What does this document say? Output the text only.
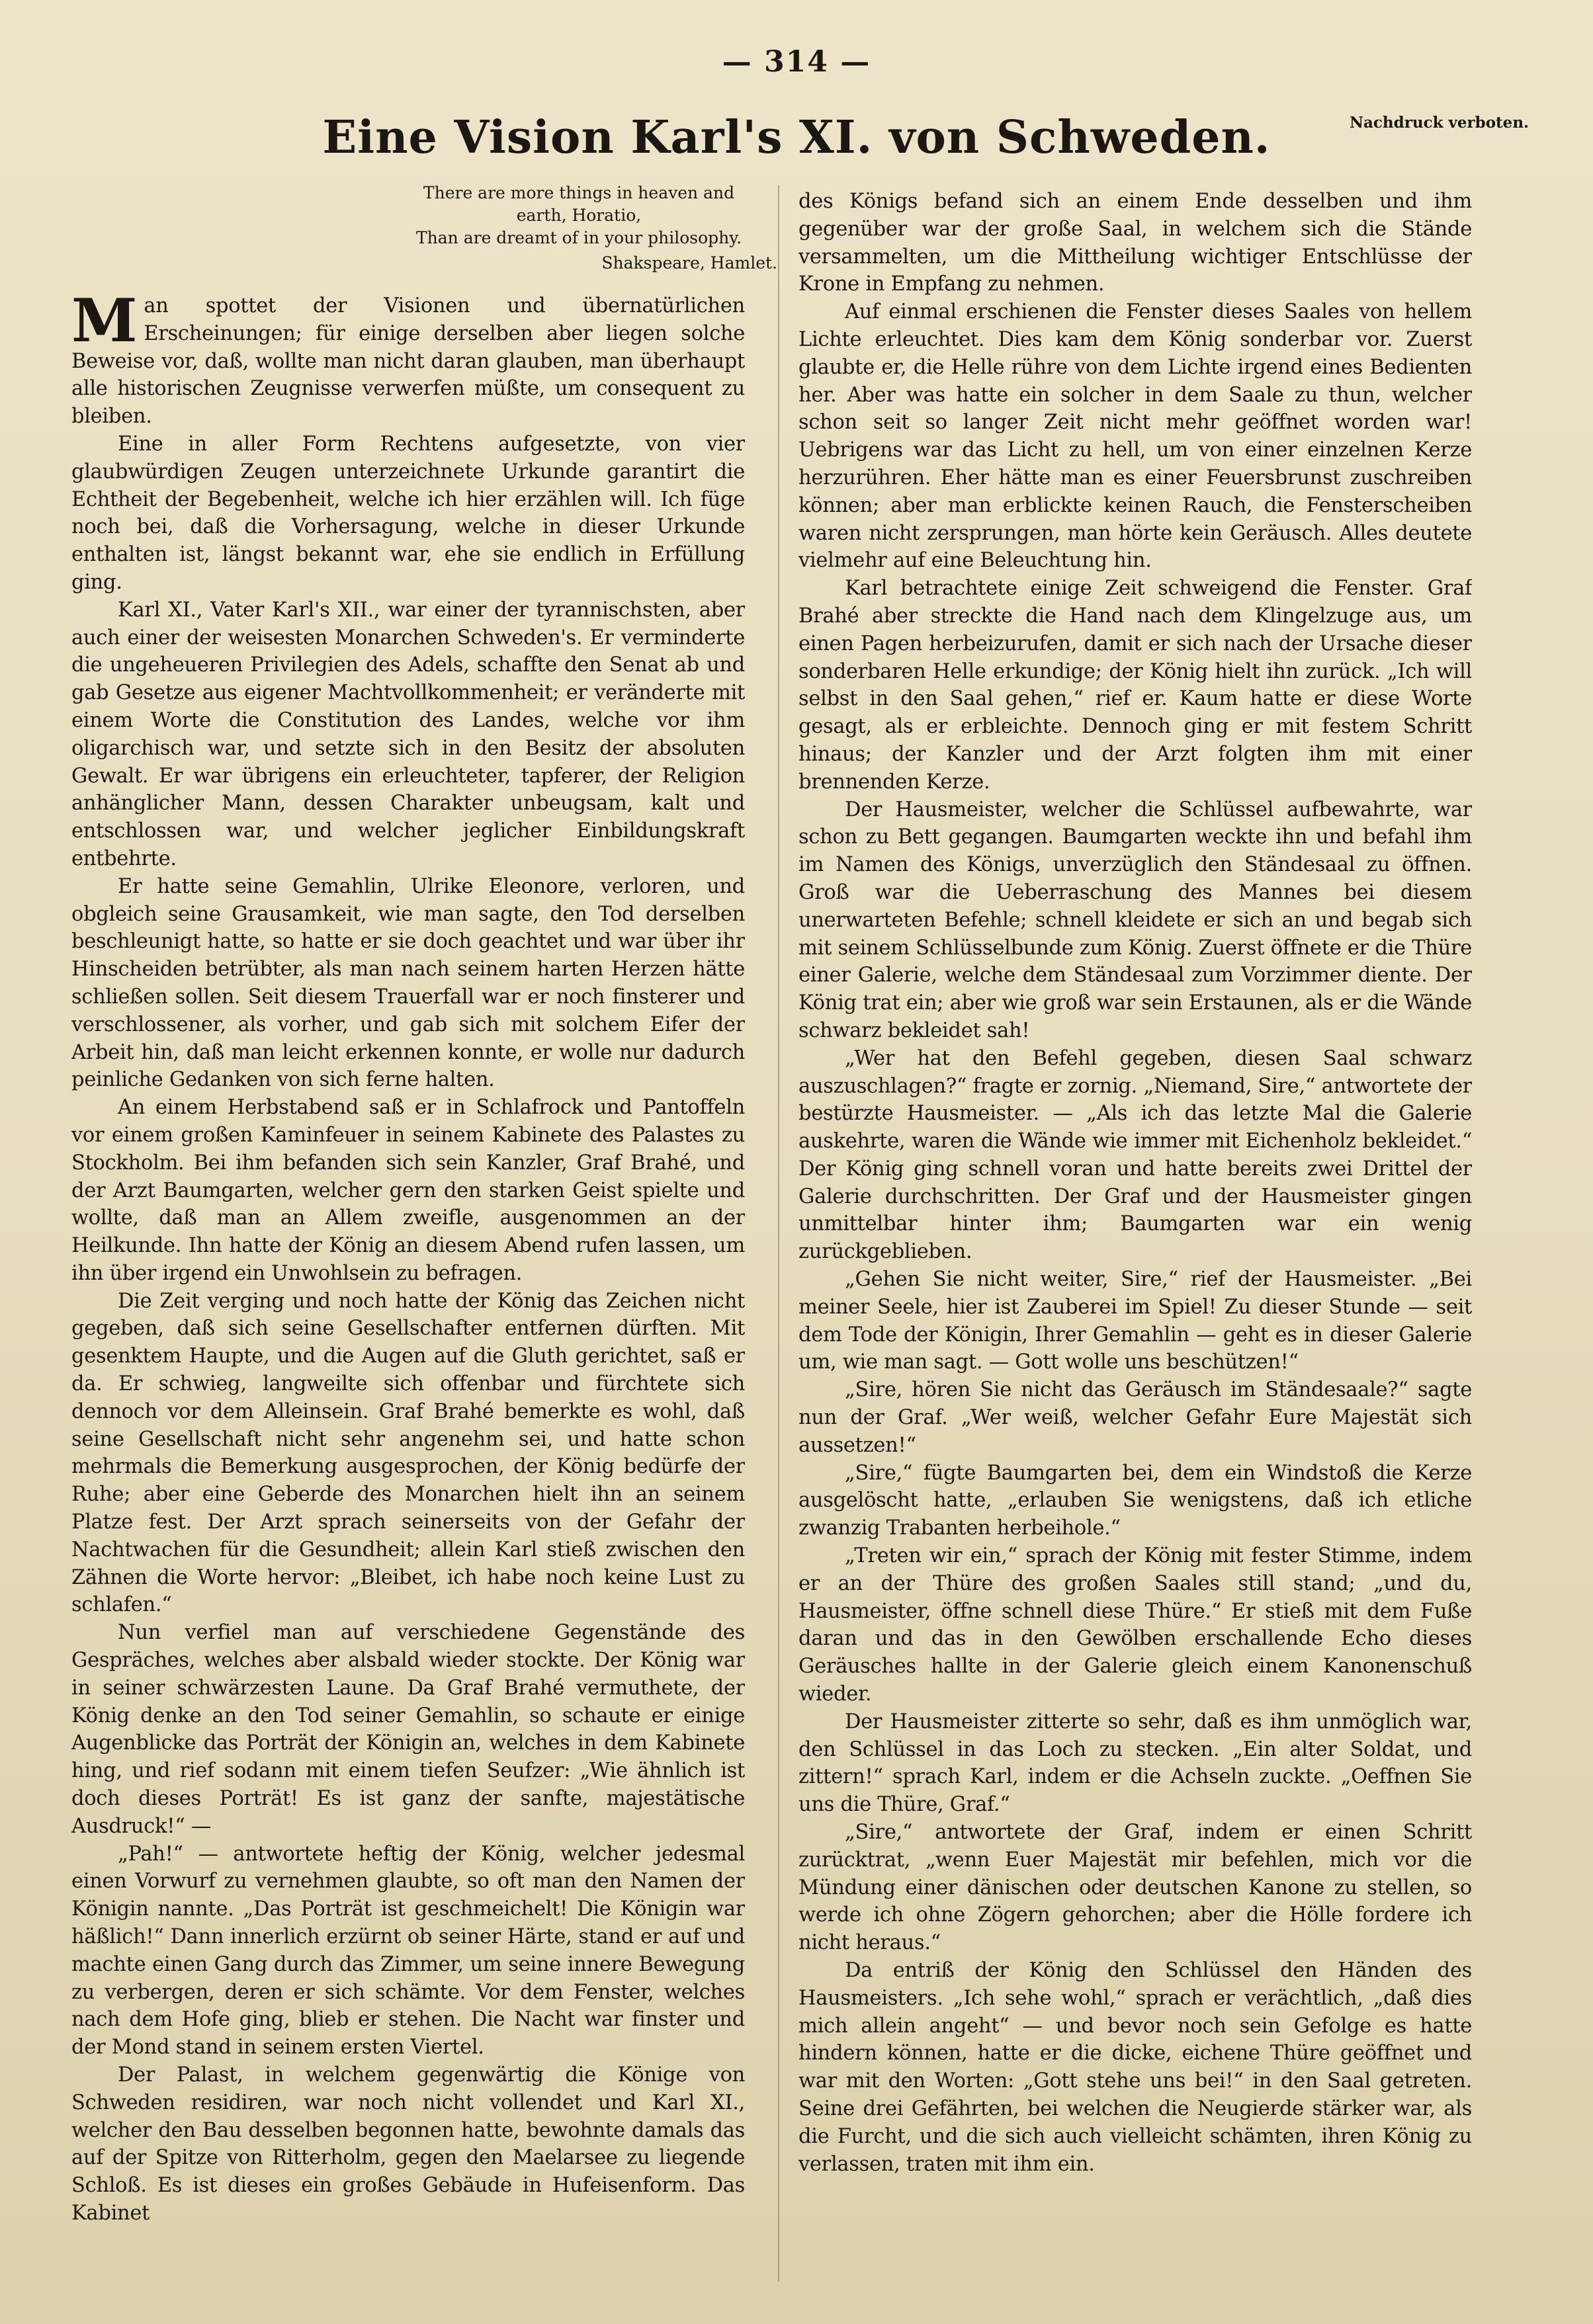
— 314 —
Eine Vision Karl's XI. von Schweden.	Nachdruck verboten.
There are more things in heaven and
earth, Horatio,
Than are dreamt of in your philosophy.
Shakspeare, Hamlet.

Man spottet der Visionen und übernatürlichen Erscheinungen; für einige derselben aber liegen solche Beweise vor, daß, wollte man nicht daran glauben, man überhaupt alle historischen Zeugnisse verwerfen müßte, um consequent zu bleiben.

Eine in aller Form Rechtens aufgesetzte, von vier glaubwürdigen Zeugen unterzeichnete Urkunde garantirt die Echtheit der Begebenheit, welche ich hier erzählen will. Ich füge noch bei, daß die Vorhersagung, welche in dieser Urkunde enthalten ist, längst bekannt war, ehe sie endlich in Erfüllung ging.

Karl XI., Vater Karl's XII., war einer der tyrannischsten, aber auch einer der weisesten Monarchen Schweden's. Er verminderte die ungeheueren Privilegien des Adels, schaffte den Senat ab und gab Gesetze aus eigener Machtvollkommenheit; er veränderte mit einem Worte die Constitution des Landes, welche vor ihm oligarchisch war, und setzte sich in den Besitz der absoluten Gewalt. Er war übrigens ein erleuchteter, tapferer, der Religion anhänglicher Mann, dessen Charakter unbeugsam, kalt und entschlossen war, und welcher jeglicher Einbildungskraft entbehrte.

Er hatte seine Gemahlin, Ulrike Eleonore, verloren, und obgleich seine Grausamkeit, wie man sagte, den Tod derselben beschleunigt hatte, so hatte er sie doch geachtet und war über ihr Hinscheiden betrübter, als man nach seinem harten Herzen hätte schließen sollen. Seit diesem Trauerfall war er noch finsterer und verschlossener, als vorher, und gab sich mit solchem Eifer der Arbeit hin, daß man leicht erkennen konnte, er wolle nur dadurch peinliche Gedanken von sich ferne halten.

An einem Herbstabend saß er in Schlafrock und Pantoffeln vor einem großen Kaminfeuer in seinem Kabinete des Palastes zu Stockholm. Bei ihm befanden sich sein Kanzler, Graf Brahé, und der Arzt Baumgarten, welcher gern den starken Geist spielte und wollte, daß man an Allem zweifle, ausgenommen an der Heilkunde. Ihn hatte der König an diesem Abend rufen lassen, um ihn über irgend ein Unwohlsein zu befragen.

Die Zeit verging und noch hatte der König das Zeichen nicht gegeben, daß sich seine Gesellschafter entfernen dürften. Mit gesenktem Haupte, und die Augen auf die Gluth gerichtet, saß er da. Er schwieg, langweilte sich offenbar und fürchtete sich dennoch vor dem Alleinsein. Graf Brahé bemerkte es wohl, daß seine Gesellschaft nicht sehr angenehm sei, und hatte schon mehrmals die Bemerkung ausgesprochen, der König bedürfe der Ruhe; aber eine Geberde des Monarchen hielt ihn an seinem Platze fest. Der Arzt sprach seinerseits von der Gefahr der Nachtwachen für die Gesundheit; allein Karl stieß zwischen den Zähnen die Worte hervor: „Bleibet, ich habe noch keine Lust zu schlafen.“

Nun verfiel man auf verschiedene Gegenstände des Gespräches, welches aber alsbald wieder stockte. Der König war in seiner schwärzesten Laune. Da Graf Brahé vermuthete, der König denke an den Tod seiner Gemahlin, so schaute er einige Augenblicke das Porträt der Königin an, welches in dem Kabinete hing, und rief sodann mit einem tiefen Seufzer: „Wie ähnlich ist doch dieses Porträt! Es ist ganz der sanfte, majestätische Ausdruck!“ —

„Pah!“ — antwortete heftig der König, welcher jedesmal einen Vorwurf zu vernehmen glaubte, so oft man den Namen der Königin nannte. „Das Porträt ist geschmeichelt! Die Königin war häßlich!“ Dann innerlich erzürnt ob seiner Härte, stand er auf und machte einen Gang durch das Zimmer, um seine innere Bewegung zu verbergen, deren er sich schämte. Vor dem Fenster, welches nach dem Hofe ging, blieb er stehen. Die Nacht war finster und der Mond stand in seinem ersten Viertel.

Der Palast, in welchem gegenwärtig die Könige von Schweden residiren, war noch nicht vollendet und Karl XI., welcher den Bau desselben begonnen hatte, bewohnte damals das auf der Spitze von Ritterholm, gegen den Maelarsee zu liegende Schloß. Es ist dieses ein großes Gebäude in Hufeisenform. Das Kabinet

des Königs befand sich an einem Ende desselben und ihm gegenüber war der große Saal, in welchem sich die Stände versammelten, um die Mittheilung wichtiger Entschlüsse der Krone in Empfang zu nehmen.

Auf einmal erschienen die Fenster dieses Saales von hellem Lichte erleuchtet. Dies kam dem König sonderbar vor. Zuerst glaubte er, die Helle rühre von dem Lichte irgend eines Bedienten her. Aber was hatte ein solcher in dem Saale zu thun, welcher schon seit so langer Zeit nicht mehr geöffnet worden war! Uebrigens war das Licht zu hell, um von einer einzelnen Kerze herzurühren. Eher hätte man es einer Feuersbrunst zuschreiben können; aber man erblickte keinen Rauch, die Fensterscheiben waren nicht zersprungen, man hörte kein Geräusch. Alles deutete vielmehr auf eine Beleuchtung hin.

Karl betrachtete einige Zeit schweigend die Fenster. Graf Brahé aber streckte die Hand nach dem Klingelzuge aus, um einen Pagen herbeizurufen, damit er sich nach der Ursache dieser sonderbaren Helle erkundige; der König hielt ihn zurück. „Ich will selbst in den Saal gehen,“ rief er. Kaum hatte er diese Worte gesagt, als er erbleichte. Dennoch ging er mit festem Schritt hinaus; der Kanzler und der Arzt folgten ihm mit einer brennenden Kerze.

Der Hausmeister, welcher die Schlüssel aufbewahrte, war schon zu Bett gegangen. Baumgarten weckte ihn und befahl ihm im Namen des Königs, unverzüglich den Ständesaal zu öffnen. Groß war die Ueberraschung des Mannes bei diesem unerwarteten Befehle; schnell kleidete er sich an und begab sich mit seinem Schlüsselbunde zum König. Zuerst öffnete er die Thüre einer Galerie, welche dem Ständesaal zum Vorzimmer diente. Der König trat ein; aber wie groß war sein Erstaunen, als er die Wände schwarz bekleidet sah!

„Wer hat den Befehl gegeben, diesen Saal schwarz auszuschlagen?“ fragte er zornig. „Niemand, Sire,“ antwortete der bestürzte Hausmeister. — „Als ich das letzte Mal die Galerie auskehrte, waren die Wände wie immer mit Eichenholz bekleidet.“ Der König ging schnell voran und hatte bereits zwei Drittel der Galerie durchschritten. Der Graf und der Hausmeister gingen unmittelbar hinter ihm; Baumgarten war ein wenig zurückgeblieben.

„Gehen Sie nicht weiter, Sire,“ rief der Hausmeister. „Bei meiner Seele, hier ist Zauberei im Spiel! Zu dieser Stunde — seit dem Tode der Königin, Ihrer Gemahlin — geht es in dieser Galerie um, wie man sagt. — Gott wolle uns beschützen!“

„Sire, hören Sie nicht das Geräusch im Ständesaale?“ sagte nun der Graf. „Wer weiß, welcher Gefahr Eure Majestät sich aussetzen!“

„Sire,“ fügte Baumgarten bei, dem ein Windstoß die Kerze ausgelöscht hatte, „erlauben Sie wenigstens, daß ich etliche zwanzig Trabanten herbeihole.“

„Treten wir ein,“ sprach der König mit fester Stimme, indem er an der Thüre des großen Saales still stand; „und du, Hausmeister, öffne schnell diese Thüre.“ Er stieß mit dem Fuße daran und das in den Gewölben erschallende Echo dieses Geräusches hallte in der Galerie gleich einem Kanonenschuß wieder.

Der Hausmeister zitterte so sehr, daß es ihm unmöglich war, den Schlüssel in das Loch zu stecken. „Ein alter Soldat, und zittern!“ sprach Karl, indem er die Achseln zuckte. „Oeffnen Sie uns die Thüre, Graf.“

„Sire,“ antwortete der Graf, indem er einen Schritt zurücktrat, „wenn Euer Majestät mir befehlen, mich vor die Mündung einer dänischen oder deutschen Kanone zu stellen, so werde ich ohne Zögern gehorchen; aber die Hölle fordere ich nicht heraus.“

Da entriß der König den Schlüssel den Händen des Hausmeisters. „Ich sehe wohl,“ sprach er verächtlich, „daß dies mich allein angeht“ — und bevor noch sein Gefolge es hatte hindern können, hatte er die dicke, eichene Thüre geöffnet und war mit den Worten: „Gott stehe uns bei!“ in den Saal getreten. Seine drei Gefährten, bei welchen die Neugierde stärker war, als die Furcht, und die sich auch vielleicht schämten, ihren König zu verlassen, traten mit ihm ein.
